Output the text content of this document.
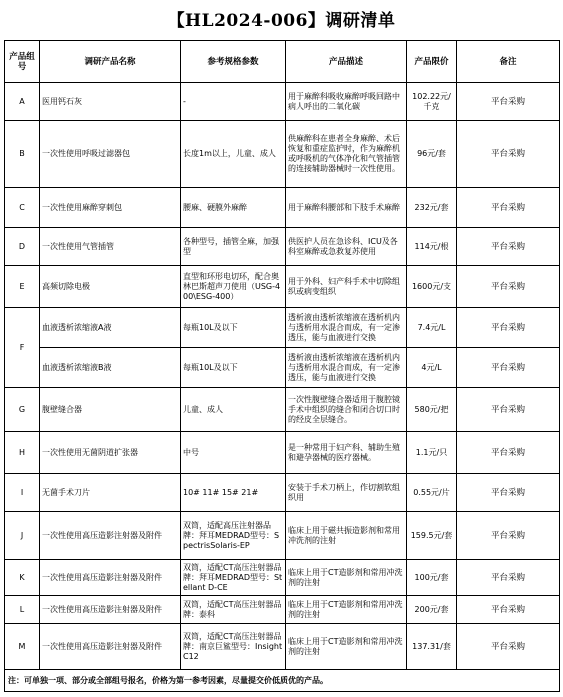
【HL2024-006】调研清单
产品组号	调研产品名称	参考规格参数	产品描述	产品限价	备注
A	医用钙石灰	-	用于麻醉科吸收麻醉呼吸回路中病人呼出的二氧化碳	102.22元/千克	平台采购
B	一次性使用呼吸过滤器包	长度1m以上，儿童、成人	供麻醉科在患者全身麻醉、术后恢复和重症监护时，作为麻醉机或呼吸机的气体净化和气管插管的连接辅助器械时一次性使用。	96元/套	平台采购
C	一次性使用麻醉穿刺包	腰麻、硬膜外麻醉	用于麻醉科腰部和下肢手术麻醉	232元/套	平台采购
D	一次性使用气管插管	各种型号，插管全麻，加强型	供医护人员在急诊科、ICU及各科室麻醉或急救复苏使用	114元/根	平台采购
E	高频切除电极	直型和环形电切环，配合奥林巴斯超声刀使用（USG-400\ESG-400）	用于外科、妇产科手术中切除组织或病变组织	1600元/支	平台采购
F	血液透析浓缩液A液	每瓶10L及以下	透析液由透析浓缩液在透析机内与透析用水混合而成，有一定渗透压，能与血液进行交换	7.4元/L	平台采购
	血液透析浓缩液B液	每瓶10L及以下	透析液由透析浓缩液在透析机内与透析用水混合而成，有一定渗透压，能与血液进行交换	4元/L	平台采购
G	腹壁缝合器	儿童、成人	一次性腹壁缝合器适用于腹腔镜手术中组织的缝合和闭合切口时的经皮全层缝合。	580元/把	平台采购
H	一次性使用无菌阴道扩张器	中号	是一种常用于妇产科、辅助生殖和避孕器械的医疗器械。	1.1元/只	平台采购
I	无菌手术刀片	10# 11# 15# 21#	安装于手术刀柄上，作切割软组织用	0.55元/片	平台采购
J	一次性使用高压造影注射器及附件	双筒，适配高压注射器品牌：拜耳MEDRAD型号：SpectrisSolaris-EP	临床上用于磁共振造影剂和常用冲洗剂的注射	159.5元/套	平台采购
K	一次性使用高压造影注射器及附件	双筒，适配CT高压注射器品牌：拜耳MEDRAD型号：Stellant D-CE	临床上用于CT造影剂和常用冲洗剂的注射	100元/套	平台采购
L	一次性使用高压造影注射器及附件	双筒，适配CT高压注射器品牌：泰科	临床上用于CT造影剂和常用冲洗剂的注射	200元/套	平台采购
M	一次性使用高压造影注射器及附件	双筒，适配CT高压注射器品牌：南京巨鲨型号：Insight C12	临床上用于CT造影剂和常用冲洗剂的注射	137.31/套	平台采购
注：可单独一项、部分或全部组号报名，价格为第一参考因素，尽量提交价低质优的产品。					
